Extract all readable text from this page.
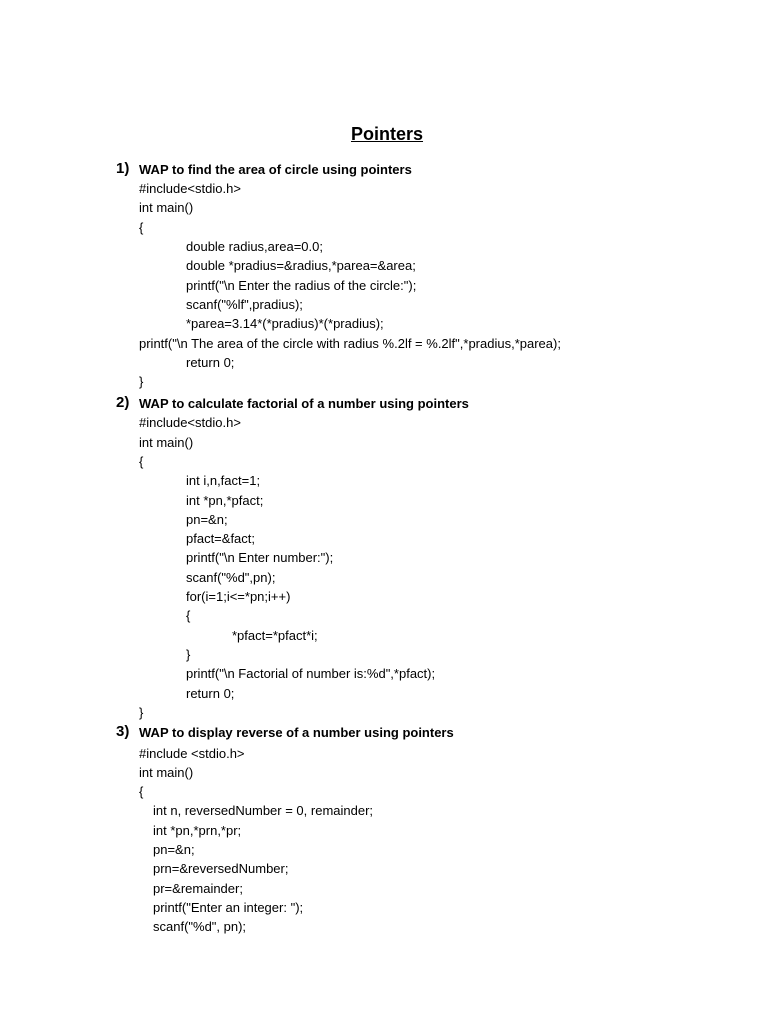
Pointers
1) WAP to find the area of circle using pointers
#include<stdio.h>
int main()
{
double radius,area=0.0;
double *pradius=&radius,*parea=&area;
printf("\n Enter the radius of the circle:");
scanf("%lf",pradius);
*parea=3.14*(*pradius)*(*pradius);
printf("\n The area of the circle with radius %.2lf = %.2lf",*pradius,*parea);
return 0;
}
2) WAP to calculate factorial of a number using pointers
#include<stdio.h>
int main()
{
int i,n,fact=1;
int *pn,*pfact;
pn=&n;
pfact=&fact;
printf("\n Enter number:");
scanf("%d",pn);
for(i=1;i<=*pn;i++)
{
*pfact=*pfact*i;
}
printf("\n Factorial of number is:%d",*pfact);
return 0;
}
3) WAP to display reverse of a number using pointers
#include <stdio.h>
int main()
{
int n, reversedNumber = 0, remainder;
int *pn,*prn,*pr;
pn=&n;
prn=&reversedNumber;
pr=&remainder;
printf("Enter an integer: ");
scanf("%d", pn);
